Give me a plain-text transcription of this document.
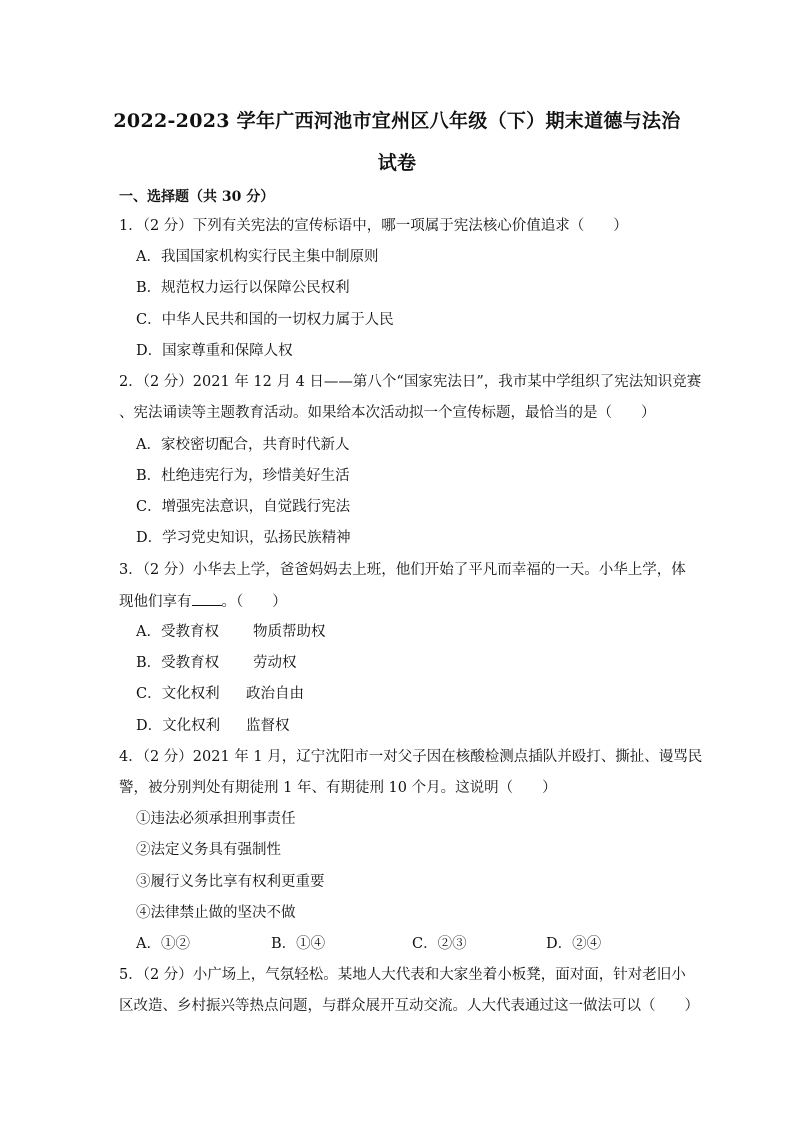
2022-2023 学年广西河池市宜州区八年级（下）期末道德与法治
试卷
一、选择题（共 30 分）
1．（2 分）下列有关宪法的宣传标语中，哪一项属于宪法核心价值追求（　　）
A．我国国家机构实行民主集中制原则
B．规范权力运行以保障公民权利
C．中华人民共和国的一切权力属于人民
D．国家尊重和保障人权
2．（2 分）2021 年 12 月 4 日——第八个“国家宪法日”，我市某中学组织了宪法知识竞赛
、宪法诵读等主题教育活动。如果给本次活动拟一个宣传标题，最恰当的是（　　）
A．家校密切配合，共育时代新人
B．杜绝违宪行为，珍惜美好生活
C．增强宪法意识，自觉践行宪法
D．学习党史知识，弘扬民族精神
3．（2 分）小华去上学，爸爸妈妈去上班，他们开始了平凡而幸福的一天。小华上学，体
现他们享有 。（　　）
A．受教育权 物质帮助权
B．受教育权 劳动权
C．文化权利 政治自由
D．文化权利 监督权
4．（2 分）2021 年 1 月，辽宁沈阳市一对父子因在核酸检测点插队并殴打、撕扯、谩骂民
警，被分别判处有期徒刑 1 年、有期徒刑 10 个月。这说明（　　）
①违法必须承担刑事责任
②法定义务具有强制性
③履行义务比享有权利更重要
④法律禁止做的坚决不做
A．①②	B．①④	C．②③	D．②④
5．（2 分）小广场上，气氛轻松。某地人大代表和大家坐着小板凳，面对面，针对老旧小
区改造、乡村振兴等热点问题，与群众展开互动交流。人大代表通过这一做法可以（　　）
